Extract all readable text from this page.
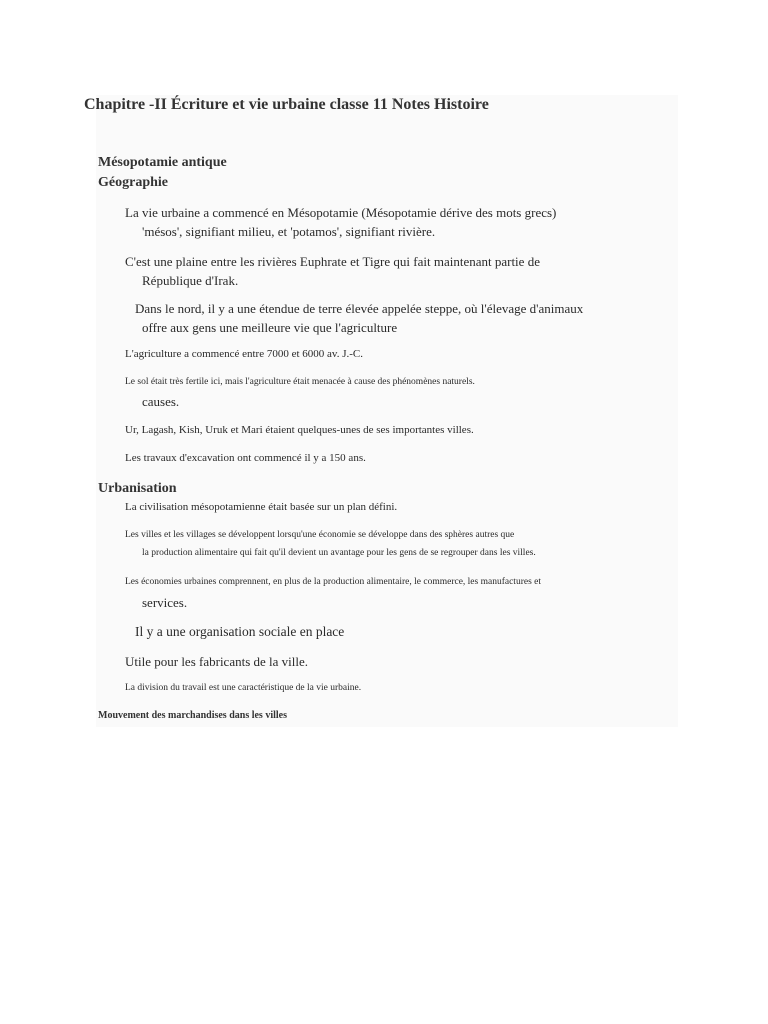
Chapitre -II Écriture et vie urbaine classe 11 Notes Histoire
Mésopotamie antique
Géographie
La vie urbaine a commencé en Mésopotamie (Mésopotamie dérive des mots grecs)
'mésos', signifiant milieu, et 'potamos', signifiant rivière.
C'est une plaine entre les rivières Euphrate et Tigre qui fait maintenant partie de
République d'Irak.
Dans le nord, il y a une étendue de terre élevée appelée steppe, où l'élevage d'animaux
offre aux gens une meilleure vie que l'agriculture
L'agriculture a commencé entre 7000 et 6000 av. J.-C.
Le sol était très fertile ici, mais l'agriculture était menacée à cause des phénomènes naturels.
causes.
Ur, Lagash, Kish, Uruk et Mari étaient quelques-unes de ses importantes villes.
Les travaux d'excavation ont commencé il y a 150 ans.
Urbanisation
La civilisation mésopotamienne était basée sur un plan défini.
Les villes et les villages se développent lorsqu'une économie se développe dans des sphères autres que
la production alimentaire qui fait qu'il devient un avantage pour les gens de se regrouper dans les villes.
Les économies urbaines comprennent, en plus de la production alimentaire, le commerce, les manufactures et
services.
Il y a une organisation sociale en place
Utile pour les fabricants de la ville.
La division du travail est une caractéristique de la vie urbaine.
Mouvement des marchandises dans les villes
